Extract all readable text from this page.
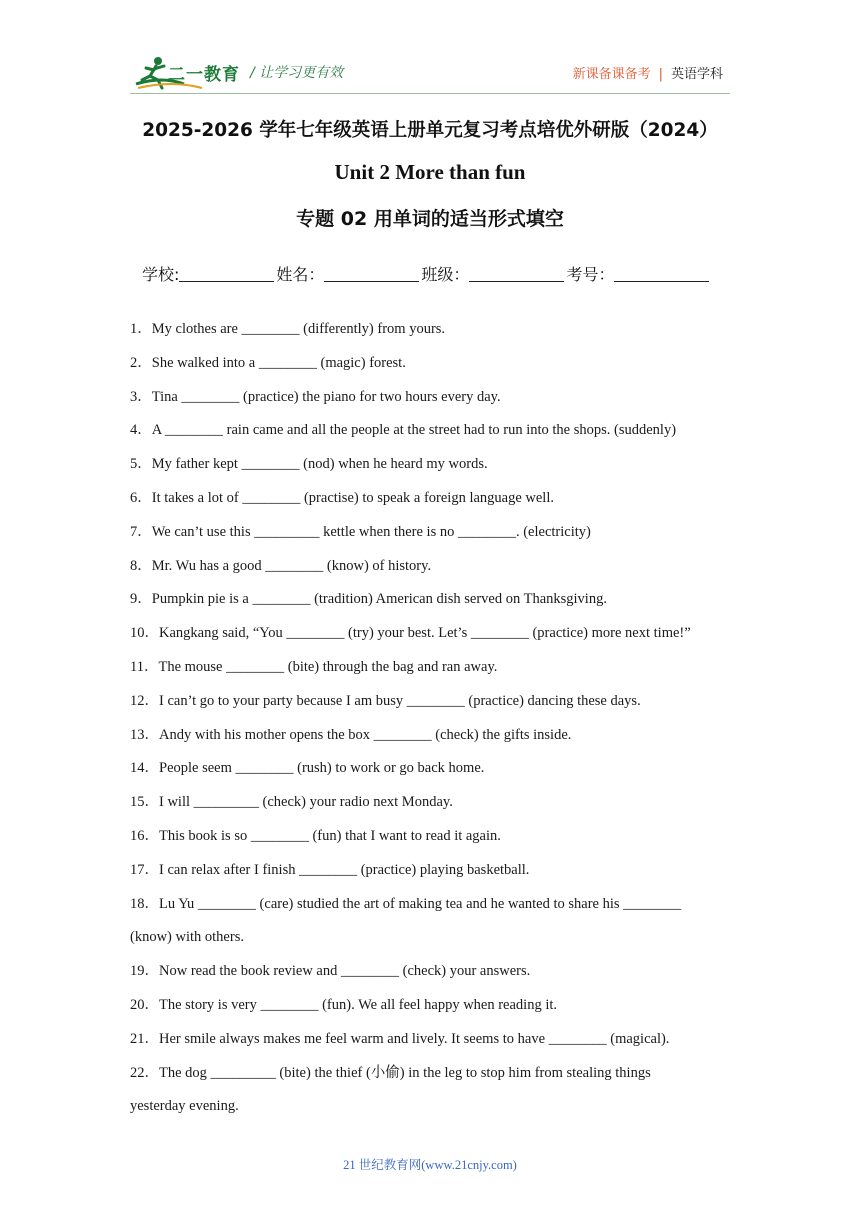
二一教育 / 让学习更有效	新课备课备考 | 英语学科
2025-2026 学年七年级英语上册单元复习考点培优外研版（2024）
Unit 2 More than fun
专题 02 用单词的适当形式填空
学校:	姓名：	班级：	考号：
1．My clothes are ________ (differently) from yours.
2．She walked into a ________ (magic) forest.
3．Tina ________ (practice) the piano for two hours every day.
4．A ________ rain came and all the people at the street had to run into the shops. (suddenly)
5．My father kept ________ (nod) when he heard my words.
6．It takes a lot of ________ (practise) to speak a foreign language well.
7．We can’t use this _________ kettle when there is no ________. (electricity)
8．Mr. Wu has a good ________ (know) of history.
9．Pumpkin pie is a ________ (tradition) American dish served on Thanksgiving.
10．Kangkang said, “You ________ (try) your best. Let’s ________ (practice) more next time!”
11．The mouse ________ (bite) through the bag and ran away.
12．I can’t go to your party because I am busy ________ (practice) dancing these days.
13．Andy with his mother opens the box ________ (check) the gifts inside.
14．People seem ________ (rush) to work or go back home.
15．I will _________ (check) your radio next Monday.
16．This book is so ________ (fun) that I want to read it again.
17．I can relax after I finish ________ (practice) playing basketball.
18．Lu Yu ________ (care) studied the art of making tea and he wanted to share his ________
(know) with others.
19．Now read the book review and ________ (check) your answers.
20．The story is very ________ (fun). We all feel happy when reading it.
21．Her smile always makes me feel warm and lively. It seems to have ________ (magical).
22．The dog _________ (bite) the thief (小偷) in the leg to stop him from stealing things
yesterday evening.
21 世纪教育网(www.21cnjy.com)
